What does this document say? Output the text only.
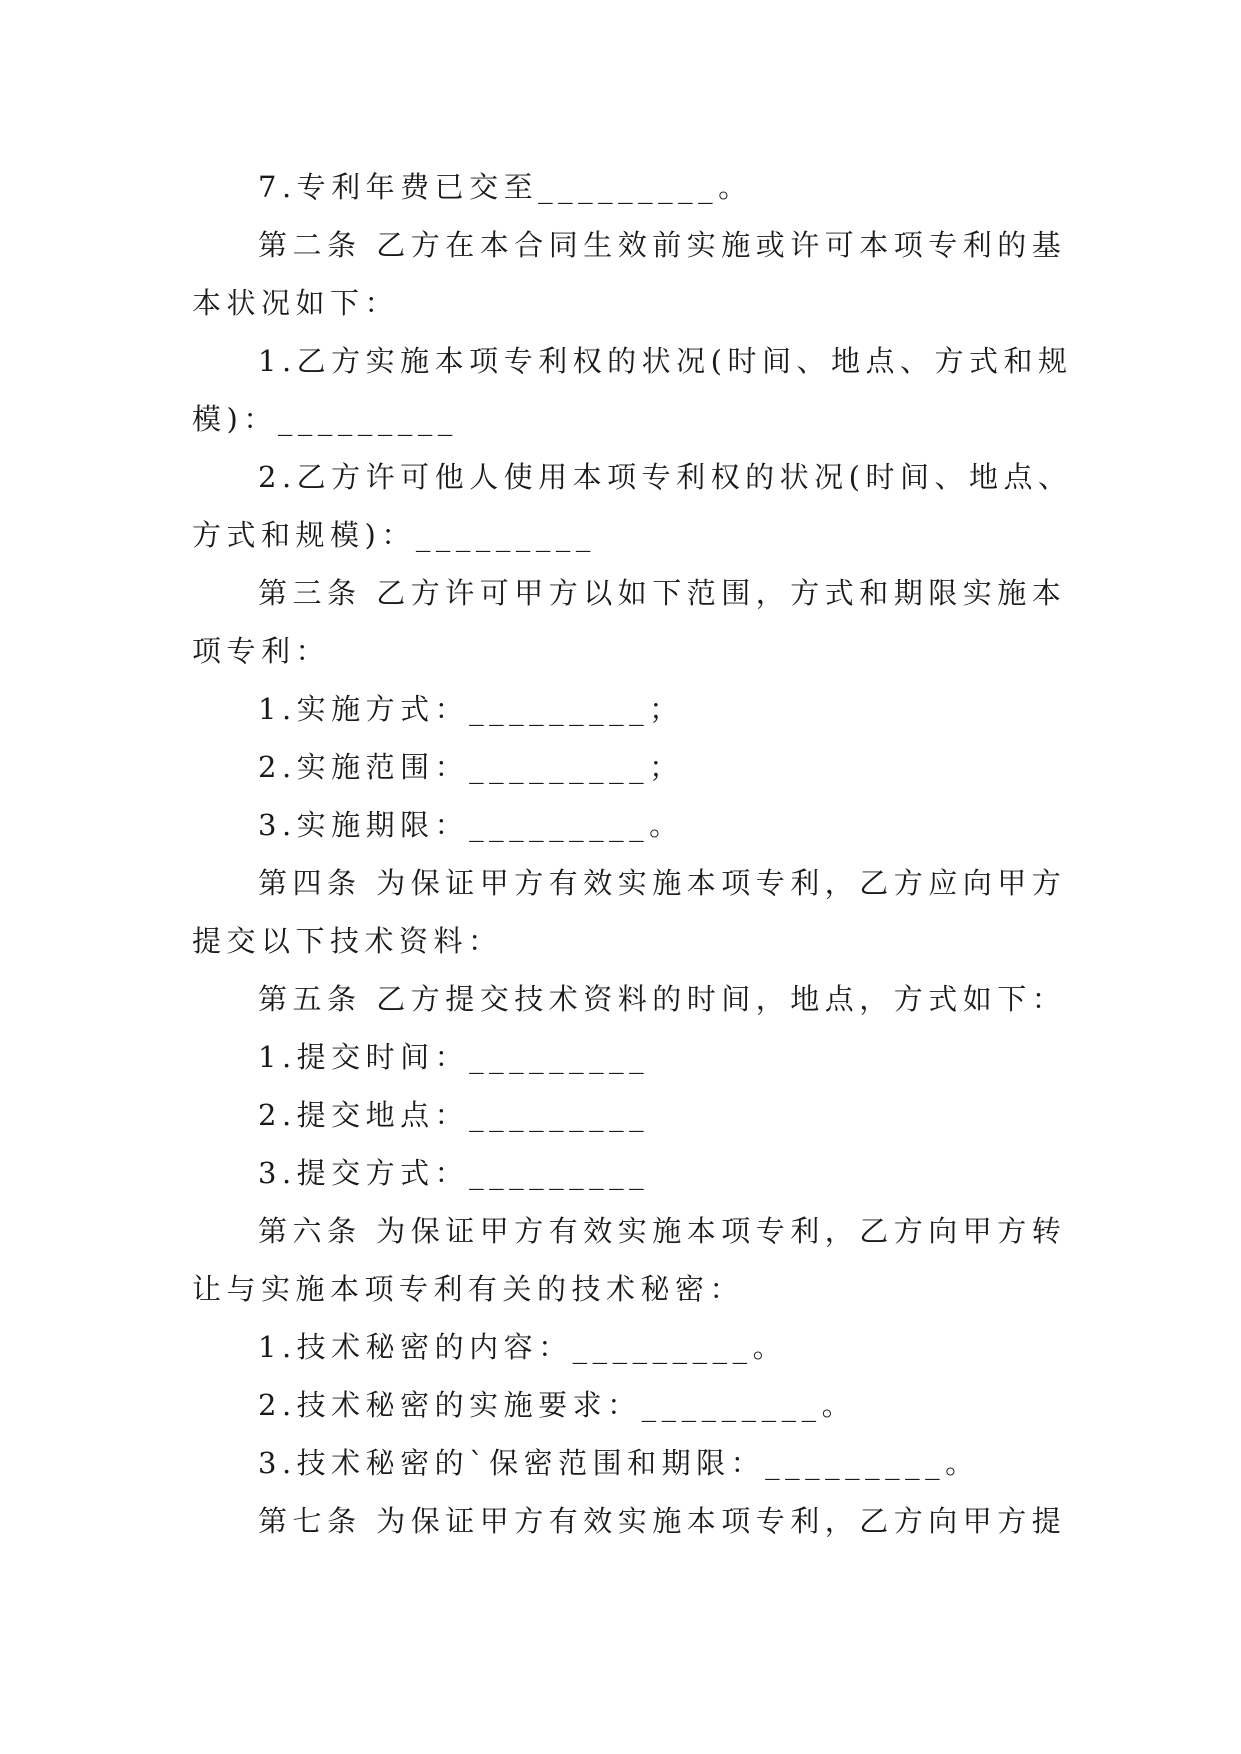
7.专利年费已交至_________。
第二条 乙方在本合同生效前实施或许可本项专利的基
本状况如下：
1.乙方实施本项专利权的状况(时间、地点、方式和规
模)：_________
2.乙方许可他人使用本项专利权的状况(时间、地点、
方式和规模)：_________
第三条 乙方许可甲方以如下范围，方式和期限实施本
项专利：
1.实施方式：_________；
2.实施范围：_________；
3.实施期限：_________。
第四条 为保证甲方有效实施本项专利，乙方应向甲方
提交以下技术资料：
第五条 乙方提交技术资料的时间，地点，方式如下：
1.提交时间：_________
2.提交地点：_________
3.提交方式：_________
第六条 为保证甲方有效实施本项专利，乙方向甲方转
让与实施本项专利有关的技术秘密：
1.技术秘密的内容：_________。
2.技术秘密的实施要求：_________。
3.技术秘密的`保密范围和期限：_________。
第七条 为保证甲方有效实施本项专利，乙方向甲方提
